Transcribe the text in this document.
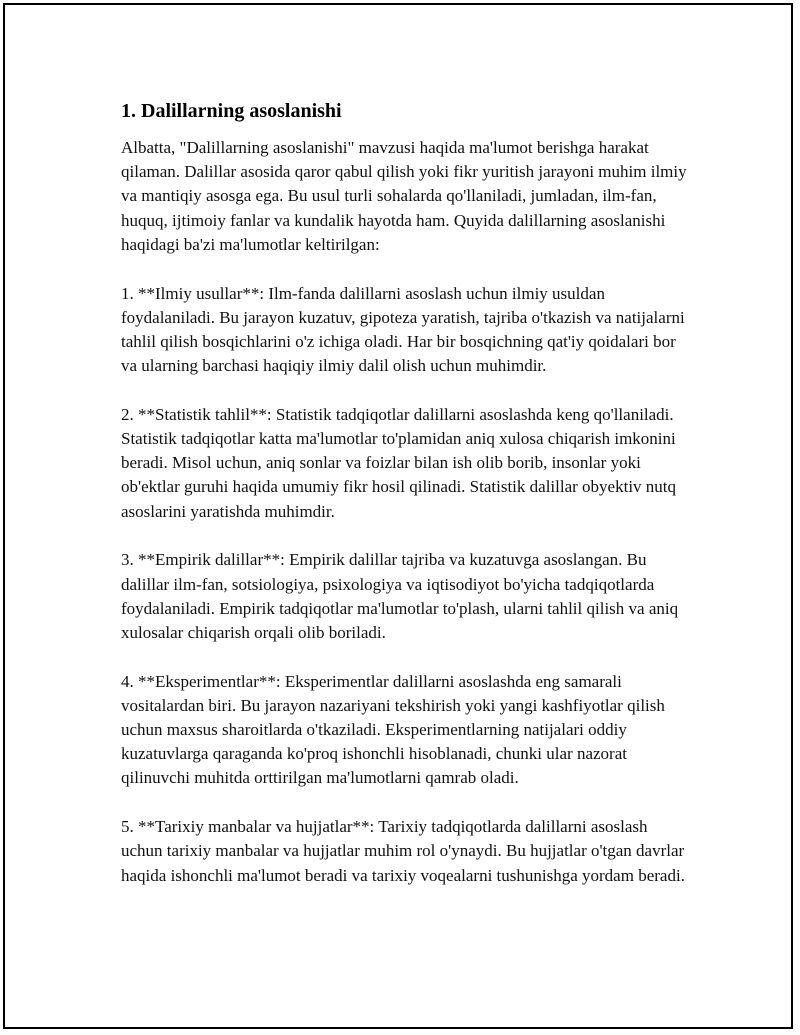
1. Dalillarning asoslanishi

Albatta, "Dalillarning asoslanishi" mavzusi haqida ma'lumot berishga harakat qilaman. Dalillar asosida qaror qabul qilish yoki fikr yuritish jarayoni muhim ilmiy va mantiqiy asosga ega. Bu usul turli sohalarda qo'llaniladi, jumladan, ilm-fan, huquq, ijtimoiy fanlar va kundalik hayotda ham. Quyida dalillarning asoslanishi haqidagi ba'zi ma'lumotlar keltirilgan:

1. **Ilmiy usullar**: Ilm-fanda dalillarni asoslash uchun ilmiy usuldan foydalaniladi. Bu jarayon kuzatuv, gipoteza yaratish, tajriba o'tkazish va natijalarni tahlil qilish bosqichlarini o'z ichiga oladi. Har bir bosqichning qat'iy qoidalari bor va ularning barchasi haqiqiy ilmiy dalil olish uchun muhimdir.

2. **Statistik tahlil**: Statistik tadqiqotlar dalillarni asoslashda keng qo'llaniladi. Statistik tadqiqotlar katta ma'lumotlar to'plamidan aniq xulosa chiqarish imkonini beradi. Misol uchun, aniq sonlar va foizlar bilan ish olib borib, insonlar yoki ob'ektlar guruhi haqida umumiy fikr hosil qilinadi. Statistik dalillar obyektiv nutq asoslarini yaratishda muhimdir.

3. **Empirik dalillar**: Empirik dalillar tajriba va kuzatuvga asoslangan. Bu dalillar ilm-fan, sotsiologiya, psixologiya va iqtisodiyot bo'yicha tadqiqotlarda foydalaniladi. Empirik tadqiqotlar ma'lumotlar to'plash, ularni tahlil qilish va aniq xulosalar chiqarish orqali olib boriladi.

4. **Eksperimentlar**: Eksperimentlar dalillarni asoslashda eng samarali vositalardan biri. Bu jarayon nazariyani tekshirish yoki yangi kashfiyotlar qilish uchun maxsus sharoitlarda o'tkaziladi. Eksperimentlarning natijalari oddiy kuzatuvlarga qaraganda ko'proq ishonchli hisoblanadi, chunki ular nazorat qilinuvchi muhitda orttirilgan ma'lumotlarni qamrab oladi.

5. **Tarixiy manbalar va hujjatlar**: Tarixiy tadqiqotlarda dalillarni asoslash uchun tarixiy manbalar va hujjatlar muhim rol o'ynaydi. Bu hujjatlar o'tgan davrlar haqida ishonchli ma'lumot beradi va tarixiy voqealarni tushunishga yordam beradi.
